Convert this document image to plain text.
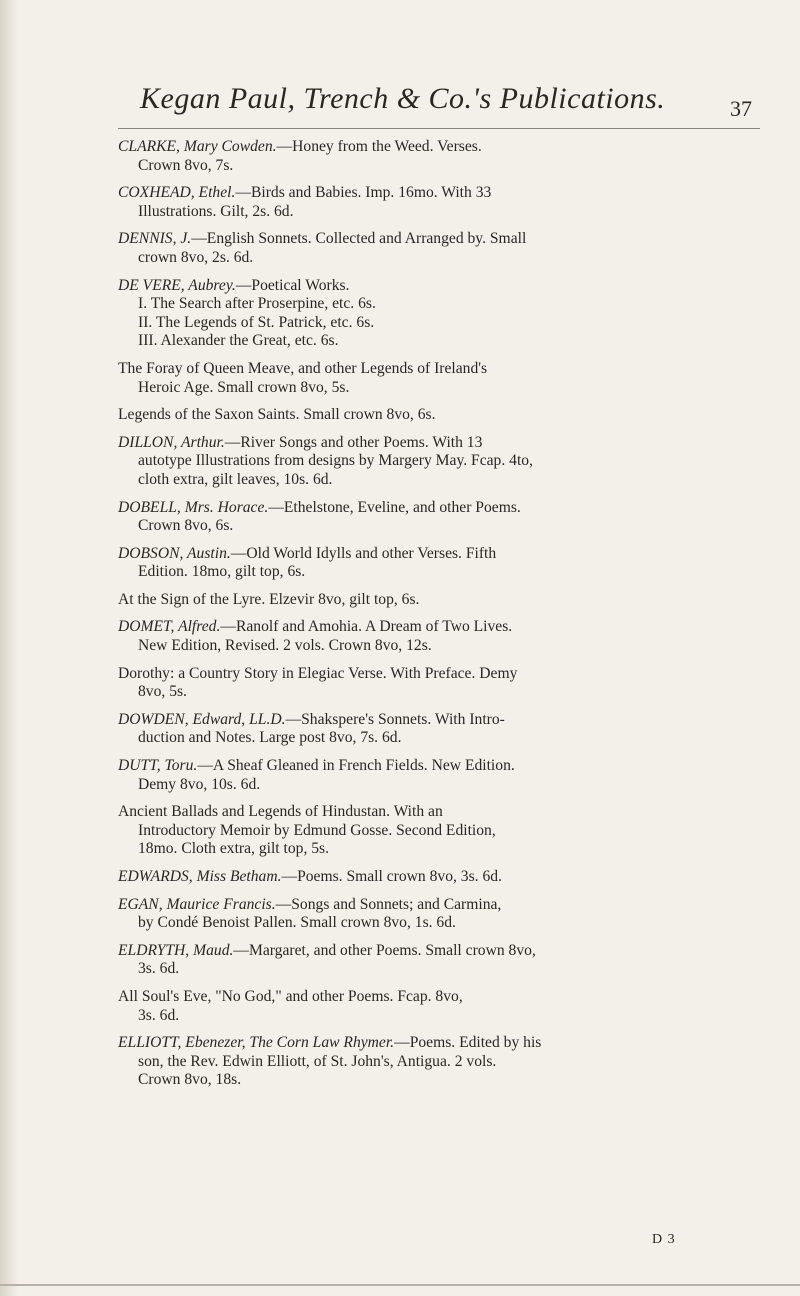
Kegan Paul, Trench & Co.'s Publications.	37
CLARKE, Mary Cowden.—Honey from the Weed. Verses.
Crown 8vo, 7s.
COXHEAD, Ethel.—Birds and Babies. Imp. 16mo. With 33
Illustrations. Gilt, 2s. 6d.
DENNIS, J.—English Sonnets. Collected and Arranged by. Small
crown 8vo, 2s. 6d.
DE VERE, Aubrey.—Poetical Works.
I. The Search after Proserpine, etc. 6s.
II. The Legends of St. Patrick, etc. 6s.
III. Alexander the Great, etc. 6s.
The Foray of Queen Meave, and other Legends of Ireland's
Heroic Age. Small crown 8vo, 5s.
Legends of the Saxon Saints. Small crown 8vo, 6s.
DILLON, Arthur.—River Songs and other Poems. With 13
autotype Illustrations from designs by Margery May. Fcap. 4to,
cloth extra, gilt leaves, 10s. 6d.
DOBELL, Mrs. Horace.—Ethelstone, Eveline, and other Poems.
Crown 8vo, 6s.
DOBSON, Austin.—Old World Idylls and other Verses. Fifth
Edition. 18mo, gilt top, 6s.
At the Sign of the Lyre. Elzevir 8vo, gilt top, 6s.
DOMET, Alfred.—Ranolf and Amohia. A Dream of Two Lives.
New Edition, Revised. 2 vols. Crown 8vo, 12s.
Dorothy: a Country Story in Elegiac Verse. With Preface. Demy
8vo, 5s.
DOWDEN, Edward, LL.D.—Shakspere's Sonnets. With Intro-
duction and Notes. Large post 8vo, 7s. 6d.
DUTT, Toru.—A Sheaf Gleaned in French Fields. New Edition.
Demy 8vo, 10s. 6d.
Ancient Ballads and Legends of Hindustan. With an
Introductory Memoir by Edmund Gosse. Second Edition,
18mo. Cloth extra, gilt top, 5s.
EDWARDS, Miss Betham.—Poems. Small crown 8vo, 3s. 6d.
EGAN, Maurice Francis.—Songs and Sonnets; and Carmina,
by Condé Benoist Pallen. Small crown 8vo, 1s. 6d.
ELDRYTH, Maud.—Margaret, and other Poems. Small crown 8vo,
3s. 6d.
All Soul's Eve, "No God," and other Poems. Fcap. 8vo,
3s. 6d.
ELLIOTT, Ebenezer, The Corn Law Rhymer.—Poems. Edited by his
son, the Rev. Edwin Elliott, of St. John's, Antigua. 2 vols.
Crown 8vo, 18s.
D 3
